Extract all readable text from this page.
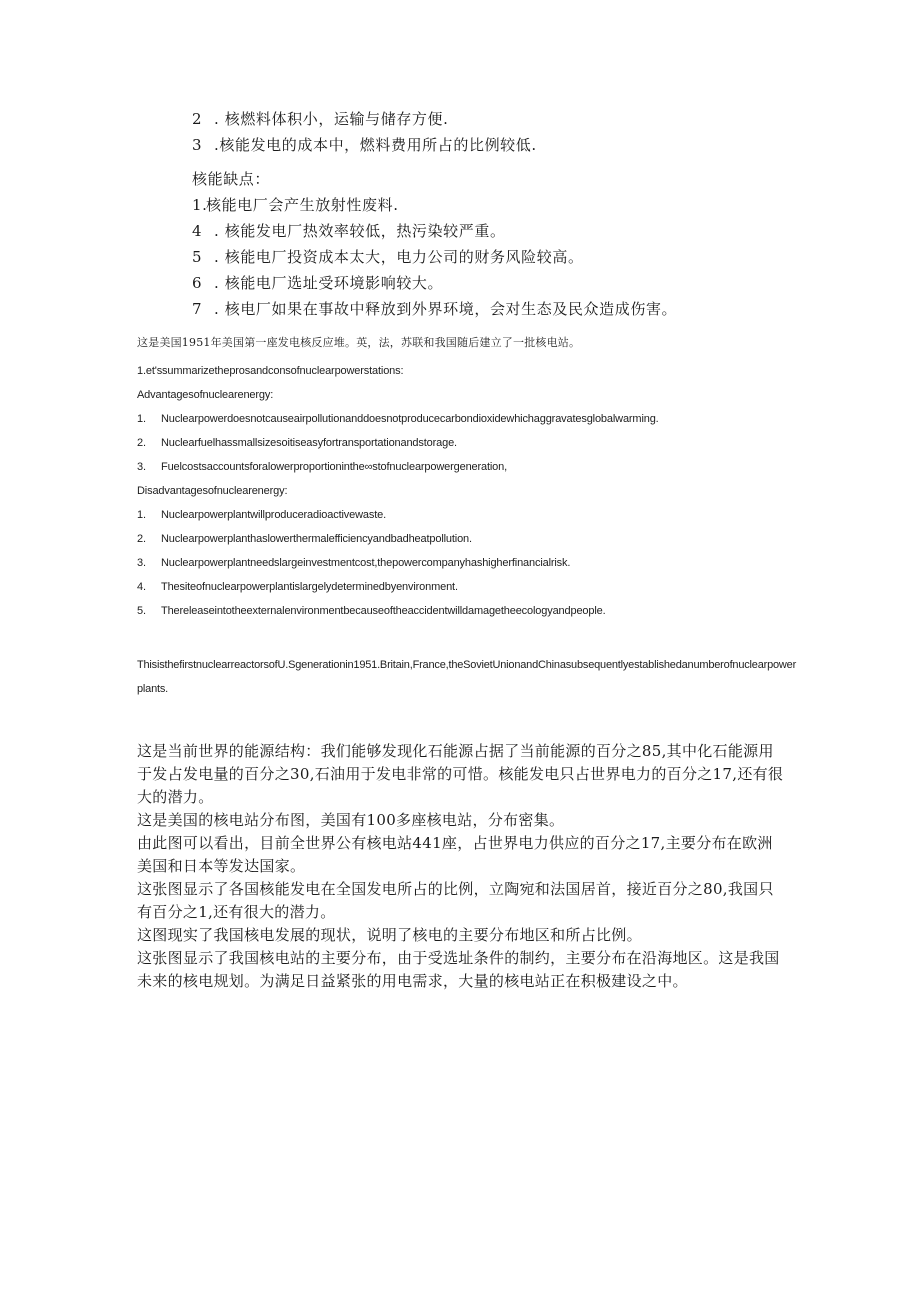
2 . 核燃料体积小，运输与储存方便.
3 .核能发电的成本中，燃料费用所占的比例较低.
核能缺点：
1.
核能电厂会产生放射性废料.
4 . 核能发电厂热效率较低，热污染较严重。
5 . 核能电厂投资成本太大，电力公司的财务风险较高。
6 . 核能电厂选址受环境影响较大。
7 . 核电厂如果在事故中释放到外界环境，会对生态及民众造成伤害。
这是美国1951年美国第一座发电核反应堆。英，法，苏联和我国随后建立了一批核电站。
1.et'ssummarizetheprosandconsofnuclearpowerstations:
Advantagesofnuclearenergy:
1.	Nuclearpowerdoesnotcauseairpollutionanddoesnotproducecarbondioxidewhichaggravatesglobalwarming.
2.	Nuclearfuelhassmallsizesoitiseasyfortransportationandstorage.
3.	Fuelcostsaccountsforalowerproportioninthe∞stofnuclearpowergeneration,
Disadvantagesofnuclearenergy:
1.	Nuclearpowerplantwillproduceradioactivewaste.
2.	Nuclearpowerplanthaslowerthermalefficiencyandbadheatpollution.
3.	Nuclearpowerplantneedslargeinvestmentcost,thepowercompanyhashigherfinancialrisk.
4.	Thesiteofnuclearpowerplantislargelydeterminedbyenvironment.
5.	Thereleaseintotheexternalenvironmentbecauseoftheaccidentwilldamagetheecologyandpeople.
ThisisthefirstnuclearreactorsofU.Sgenerationin1951.Britain,France,theSovietUnionandChinasubsequentlyestablishedanumberofnuclearpowerplants.

这是当前世界的能源结构：我们能够发现化石能源占据了当前能源的百分之85,其中化石能源用于发占发电量的百分之30,石油用于发电非常的可惜。核能发电只占世界电力的百分之17,还有很大的潜力。

这是美国的核电站分布图，美国有100多座核电站，分布密集。

由此图可以看出，目前全世界公有核电站441座，占世界电力供应的百分之17,主要分布在欧洲美国和日本等发达国家。

这张图显示了各国核能发电在全国发电所占的比例，立陶宛和法国居首，接近百分之80,我国只有百分之1,还有很大的潜力。

这图现实了我国核电发展的现状，说明了核电的主要分布地区和所占比例。

这张图显示了我国核电站的主要分布，由于受选址条件的制约，主要分布在沿海地区。这是我国未来的核电规划。为满足日益紧张的用电需求，大量的核电站正在积极建设之中。
